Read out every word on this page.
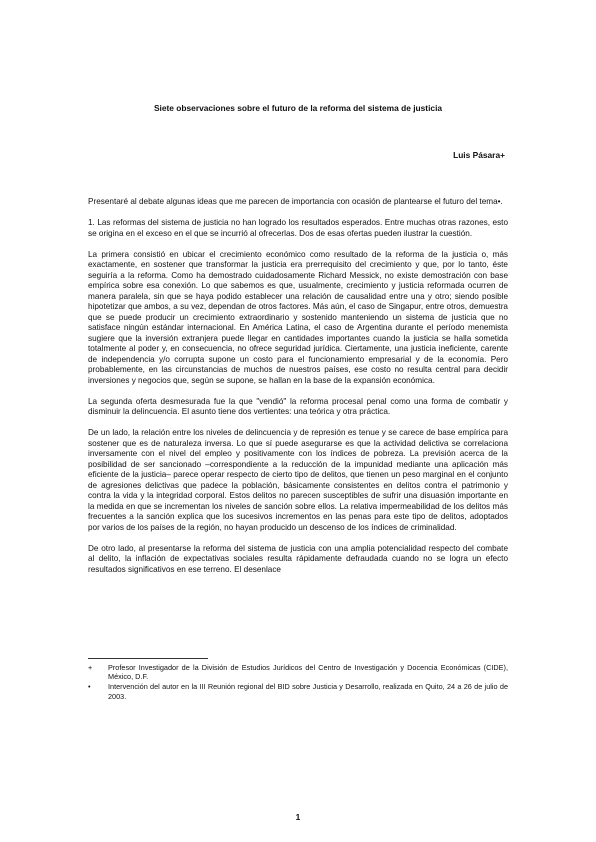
Siete observaciones sobre el futuro de la reforma del sistema de justicia
Luis Pásara+

Presentaré al debate algunas ideas que me parecen de importancia con ocasión de plantearse el futuro del tema•.

1. Las reformas del sistema de justicia no han logrado los resultados esperados. Entre muchas otras razones, esto se origina en el exceso en el que se incurrió al ofrecerlas. Dos de esas ofertas pueden ilustrar la cuestión.

La primera consistió en ubicar el crecimiento económico como resultado de la reforma de la justicia o, más exactamente, en sostener que transformar la justicia era prerrequisito del crecimiento y que, por lo tanto, éste seguiría a la reforma. Como ha demostrado cuidadosamente Richard Messick, no existe demostración con base empírica sobre esa conexión. Lo que sabemos es que, usualmente, crecimiento y justicia reformada ocurren de manera paralela, sin que se haya podido establecer una relación de causalidad entre una y otro; siendo posible hipotetizar que ambos, a su vez, dependan de otros factores. Más aún, el caso de Singapur, entre otros, demuestra que se puede producir un crecimiento extraordinario y sostenido manteniendo un sistema de justicia que no satisface ningún estándar internacional. En América Latina, el caso de Argentina durante el período menemista sugiere que la inversión extranjera puede llegar en cantidades importantes cuando la justicia se halla sometida totalmente al poder y, en consecuencia, no ofrece seguridad jurídica. Ciertamente, una justicia ineficiente, carente de independencia y/o corrupta supone un costo para el funcionamiento empresarial y de la economía. Pero probablemente, en las circunstancias de muchos de nuestros países, ese costo no resulta central para decidir inversiones y negocios que, según se supone, se hallan en la base de la expansión económica.

La segunda oferta desmesurada fue la que "vendió" la reforma procesal penal como una forma de combatir y disminuir la delincuencia. El asunto tiene dos vertientes: una teórica y otra práctica.

De un lado, la relación entre los niveles de delincuencia y de represión es tenue y se carece de base empírica para sostener que es de naturaleza inversa. Lo que sí puede asegurarse es que la actividad delictiva se correlaciona inversamente con el nivel del empleo y positivamente con los índices de pobreza. La previsión acerca de la posibilidad de ser sancionado –correspondiente a la reducción de la impunidad mediante una aplicación más eficiente de la justicia– parece operar respecto de cierto tipo de delitos, que tienen un peso marginal en el conjunto de agresiones delictivas que padece la población, básicamente consistentes en delitos contra el patrimonio y contra la vida y la integridad corporal. Estos delitos no parecen susceptibles de sufrir una disuasión importante en la medida en que se incrementan los niveles de sanción sobre ellos. La relativa impermeabilidad de los delitos más frecuentes a la sanción explica que los sucesivos incrementos en las penas para este tipo de delitos, adoptados por varios de los países de la región, no hayan producido un descenso de los índices de criminalidad.

De otro lado, al presentarse la reforma del sistema de justicia con una amplia potencialidad respecto del combate al delito, la inflación de expectativas sociales resulta rápidamente defraudada cuando no se logra un efecto resultados significativos en ese terreno. El desenlace

+	Profesor Investigador de la División de Estudios Jurídicos del Centro de Investigación y Docencia Económicas (CIDE), México, D.F.
•	Intervención del autor en la III Reunión regional del BID sobre Justicia y Desarrollo, realizada en Quito, 24 a 26 de julio de 2003.
1
